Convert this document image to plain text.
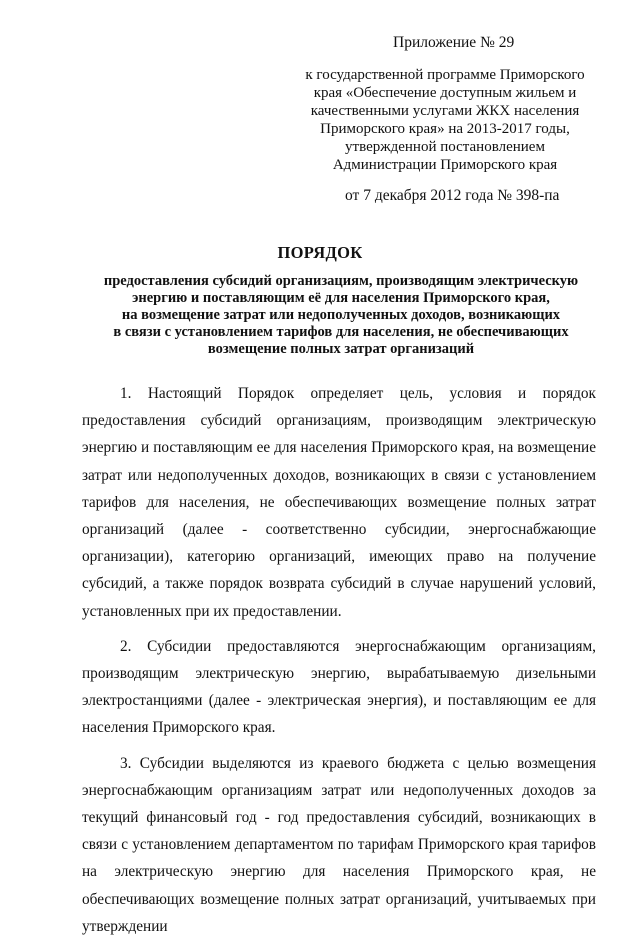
Приложение № 29
к государственной программе Приморского
края «Обеспечение доступным жильем и
качественными услугами ЖКХ населения
Приморского края» на 2013-2017 годы,
утвержденной постановлением
Администрации Приморского края
от 7 декабря 2012 года № 398-па
ПОРЯДОК
предоставления субсидий организациям, производящим электрическую
энергию и поставляющим её для населения Приморского края,
на возмещение затрат или недополученных доходов, возникающих
в связи с установлением тарифов для населения, не обеспечивающих
возмещение полных затрат организаций

1. Настоящий Порядок определяет цель, условия и порядок предоставления субсидий организациям, производящим электрическую энергию и поставляющим ее для населения Приморского края, на возмещение затрат или недополученных доходов, возникающих в связи с установлением тарифов для населения, не обеспечивающих возмещение полных затрат организаций (далее - соответственно субсидии, энергоснабжающие организации), категорию организаций, имеющих право на получение субсидий, а также порядок возврата субсидий в случае нарушений условий, установленных при их предоставлении.

2. Субсидии предоставляются энергоснабжающим организациям, производящим электрическую энергию, вырабатываемую дизельными электростанциями (далее - электрическая энергия), и поставляющим ее для населения Приморского края.

3. Субсидии выделяются из краевого бюджета с целью возмещения энергоснабжающим организациям затрат или недополученных доходов за текущий финансовый год - год предоставления субсидий, возникающих в связи с установлением департаментом по тарифам Приморского края тарифов на электрическую энергию для населения Приморского края, не обеспечивающих возмещение полных затрат организаций, учитываемых при утверждении
